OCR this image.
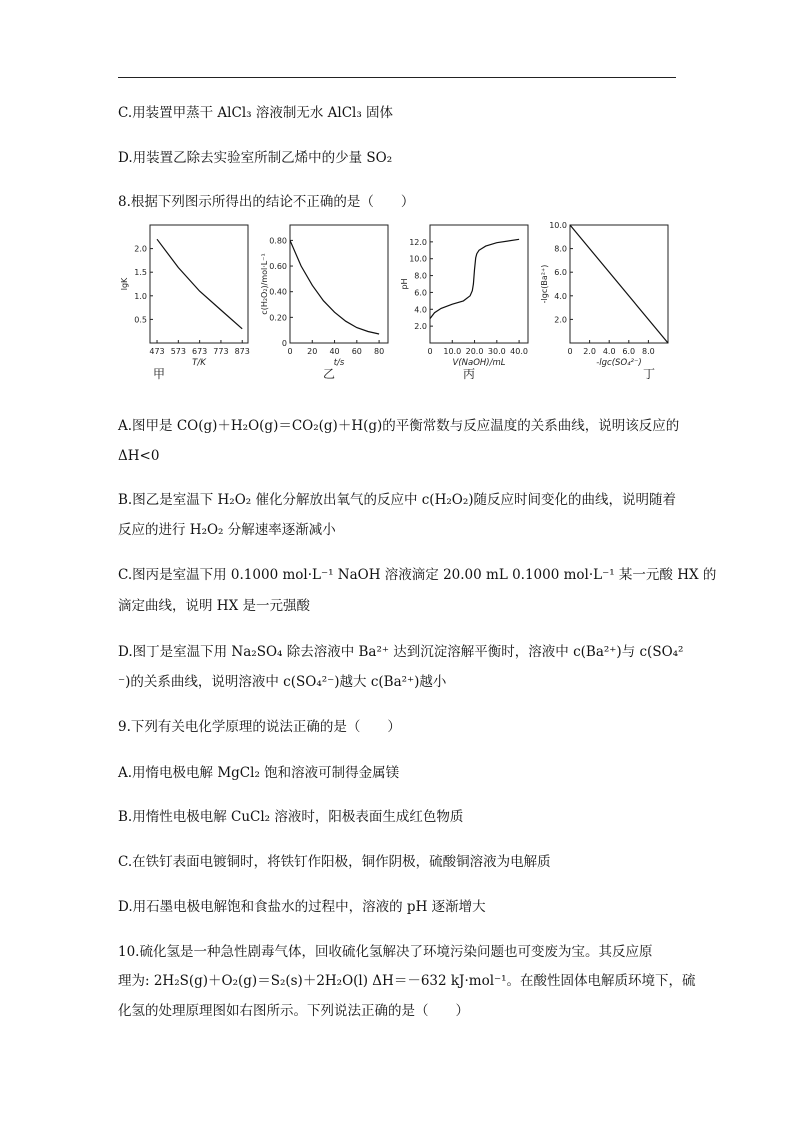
C.用装置甲蒸干 AlCl₃ 溶液制无水 AlCl₃ 固体
D.用装置乙除去实验室所制乙烯中的少量 SO₂
8.根据下列图示所得出的结论不正确的是（　　）
473 573 673 773 873
0.5
1.0
1.5
2.0
T/K
lgK
甲
0 20 40 60 80
0
0.20
0.40
0.60
0.80
t/s
c(H₂O₂)/mol·L⁻¹
乙
0 10.0 20.0 30.0 40.0
2.0
4.0
6.0
8.0
10.0
12.0
V(NaOH)/mL
pH
丙
0 2.0 4.0 6.0 8.0
2.0
4.0
6.0
8.0
10.0
-lgc(SO₄²⁻)
-lgc(Ba²⁺)
丁
A.图甲是 CO(g)＋H₂O(g)＝CO₂(g)＋H(g)的平衡常数与反应温度的关系曲线，说明该反应的
ΔH<0
B.图乙是室温下 H₂O₂ 催化分解放出氧气的反应中 c(H₂O₂)随反应时间变化的曲线，说明随着
反应的进行 H₂O₂ 分解速率逐渐减小
C.图丙是室温下用 0.1000 mol·L⁻¹ NaOH 溶液滴定 20.00 mL 0.1000 mol·L⁻¹ 某一元酸 HX 的
滴定曲线，说明 HX 是一元强酸
D.图丁是室温下用 Na₂SO₄ 除去溶液中 Ba²⁺ 达到沉淀溶解平衡时，溶液中 c(Ba²⁺)与 c(SO₄²
⁻)的关系曲线，说明溶液中 c(SO₄²⁻)越大 c(Ba²⁺)越小
9.下列有关电化学原理的说法正确的是（　　）
A.用惰电极电解 MgCl₂ 饱和溶液可制得金属镁
B.用惰性电极电解 CuCl₂ 溶液时，阳极表面生成红色物质
C.在铁钉表面电镀铜时，将铁钉作阳极，铜作阴极，硫酸铜溶液为电解质
D.用石墨电极电解饱和食盐水的过程中，溶液的 pH 逐渐增大
10.硫化氢是一种急性剧毒气体，回收硫化氢解决了环境污染问题也可变废为宝。其反应原
理为: 2H₂S(g)＋O₂(g)＝S₂(s)＋2H₂O(l) ΔH＝－632 kJ·mol⁻¹。在酸性固体电解质环境下，硫
化氢的处理原理图如右图所示。下列说法正确的是（　　）
